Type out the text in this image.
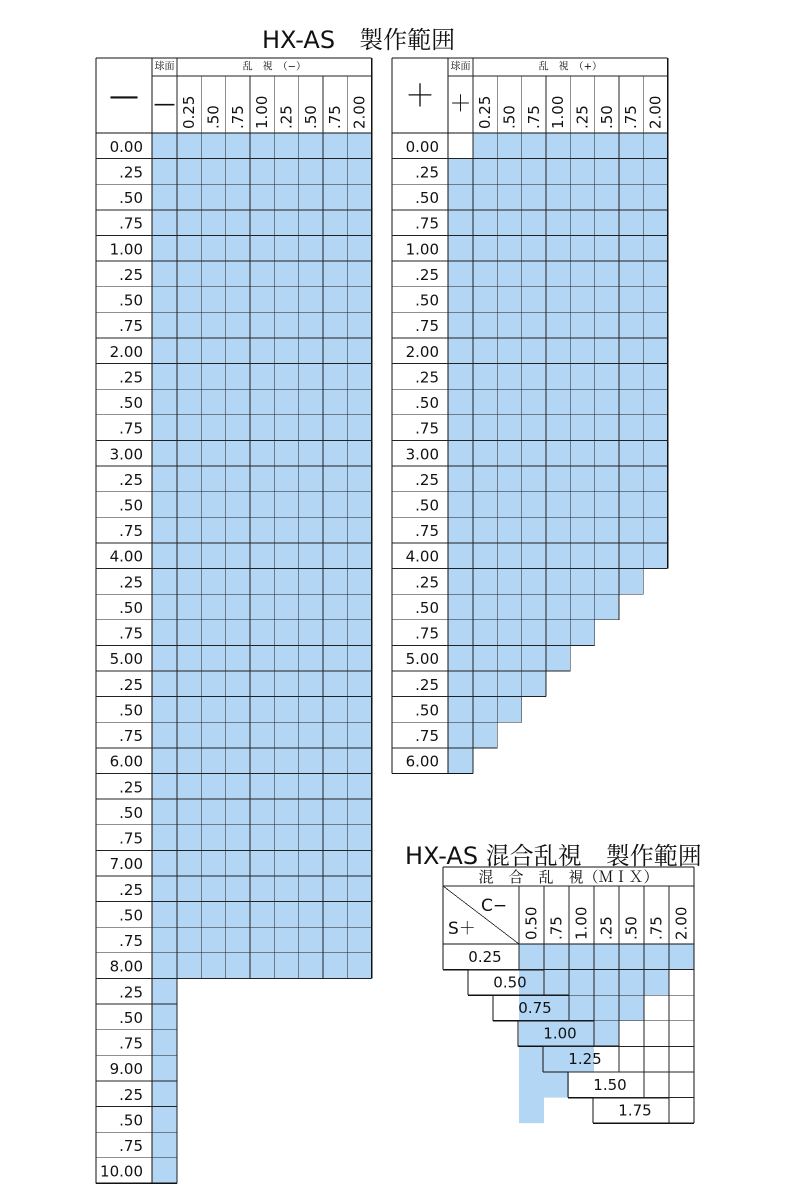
HX-AS　製作範囲
HX-AS 混合乱視　製作範囲
0.00
.25
.50
.75
1.00
.25
.50
.75
2.00
.25
.50
.75
3.00
.25
.50
.75
4.00
.25
.50
.75
5.00
.25
.50
.75
6.00
.25
.50
.75
7.00
.25
.50
.75
8.00
.25
.50
.75
9.00
.25
.50
.75
10.00
—
球面
—
乱　視　（−）
0.25 .50 .75 1.00 .25 .50 .75 2.00
0.00
.25
.50
.75
1.00
.25
.50
.75
2.00
.25
.50
.75
3.00
.25
.50
.75
4.00
.25
.50
.75
5.00
.25
.50
.75
6.00
＋
球面
＋
乱　視　（+）
0.25 .50 .75 1.00 .25 .50 .75 2.00
混　合　乱　視（ＭＩＸ）
C−
S＋	0.50 .75 1.00 .25 .50 .75 2.00
0.25
0.50
0.75
1.00
1.25
1.50
1.75
